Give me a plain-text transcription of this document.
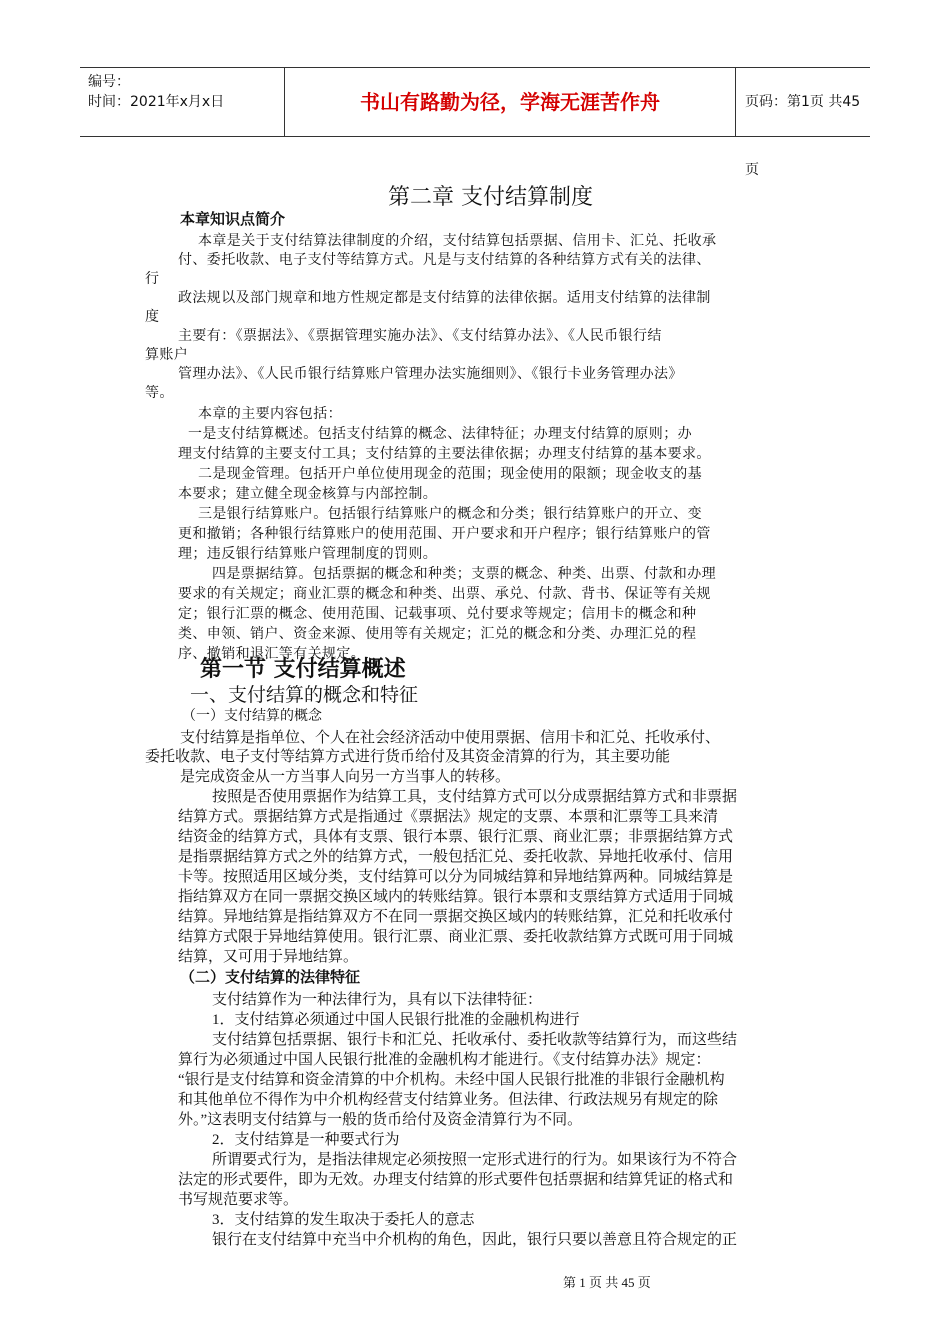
编号：
时间：2021年x月x日	书山有路勤为径，学海无涯苦作舟	页码：第1页 共45页
第二章 支付结算制度
本章知识点简介
本章是关于支付结算法律制度的介绍，支付结算包括票据、信用卡、汇兑、托收承
付、委托收款、电子支付等结算方式。凡是与支付结算的各种结算方式有关的法律、
行
政法规以及部门规章和地方性规定都是支付结算的法律依据。适用支付结算的法律制
度
主要有：《票据法》、《票据管理实施办法》、《支付结算办法》、《人民币银行结
算账户
管理办法》、《人民币银行结算账户管理办法实施细则》、《银行卡业务管理办法》
等。
本章的主要内容包括：
一是支付结算概述。包括支付结算的概念、法律特征；办理支付结算的原则；办
理支付结算的主要支付工具；支付结算的主要法律依据；办理支付结算的基本要求。
二是现金管理。包括开户单位使用现金的范围；现金使用的限额；现金收支的基
本要求；建立健全现金核算与内部控制。
三是银行结算账户。包括银行结算账户的概念和分类；银行结算账户的开立、变
更和撤销；各种银行结算账户的使用范围、开户要求和开户程序；银行结算账户的管
理；违反银行结算账户管理制度的罚则。
四是票据结算。包括票据的概念和种类；支票的概念、种类、出票、付款和办理
要求的有关规定；商业汇票的概念和种类、出票、承兑、付款、背书、保证等有关规
定；银行汇票的概念、使用范围、记载事项、兑付要求等规定；信用卡的概念和种
类、申领、销户、资金来源、使用等有关规定；汇兑的概念和分类、办理汇兑的程
序、撤销和退汇等有关规定。
第一节 支付结算概述
一、支付结算的概念和特征
（一）支付结算的概念
支付结算是指单位、个人在社会经济活动中使用票据、信用卡和汇兑、托收承付、
委托收款、电子支付等结算方式进行货币给付及其资金清算的行为，其主要功能
是完成资金从一方当事人向另一方当事人的转移。
按照是否使用票据作为结算工具，支付结算方式可以分成票据结算方式和非票据
结算方式。票据结算方式是指通过《票据法》规定的支票、本票和汇票等工具来清
结资金的结算方式，具体有支票、银行本票、银行汇票、商业汇票；非票据结算方式
是指票据结算方式之外的结算方式，一般包括汇兑、委托收款、异地托收承付、信用
卡等。按照适用区域分类，支付结算可以分为同城结算和异地结算两种。同城结算是
指结算双方在同一票据交换区域内的转账结算。银行本票和支票结算方式适用于同城
结算。异地结算是指结算双方不在同一票据交换区域内的转账结算，汇兑和托收承付
结算方式限于异地结算使用。银行汇票、商业汇票、委托收款结算方式既可用于同城
结算，又可用于异地结算。
（二）支付结算的法律特征
支付结算作为一种法律行为，具有以下法律特征：
1．支付结算必须通过中国人民银行批准的金融机构进行
支付结算包括票据、银行卡和汇兑、托收承付、委托收款等结算行为，而这些结
算行为必须通过中国人民银行批准的金融机构才能进行。《支付结算办法》规定：
“银行是支付结算和资金清算的中介机构。未经中国人民银行批准的非银行金融机构
和其他单位不得作为中介机构经营支付结算业务。但法律、行政法规另有规定的除
外。”这表明支付结算与一般的货币给付及资金清算行为不同。
2．支付结算是一种要式行为
所谓要式行为，是指法律规定必须按照一定形式进行的行为。如果该行为不符合
法定的形式要件，即为无效。办理支付结算的形式要件包括票据和结算凭证的格式和
书写规范要求等。
3．支付结算的发生取决于委托人的意志
银行在支付结算中充当中介机构的角色，因此，银行只要以善意且符合规定的正
第 1 页 共 45 页
